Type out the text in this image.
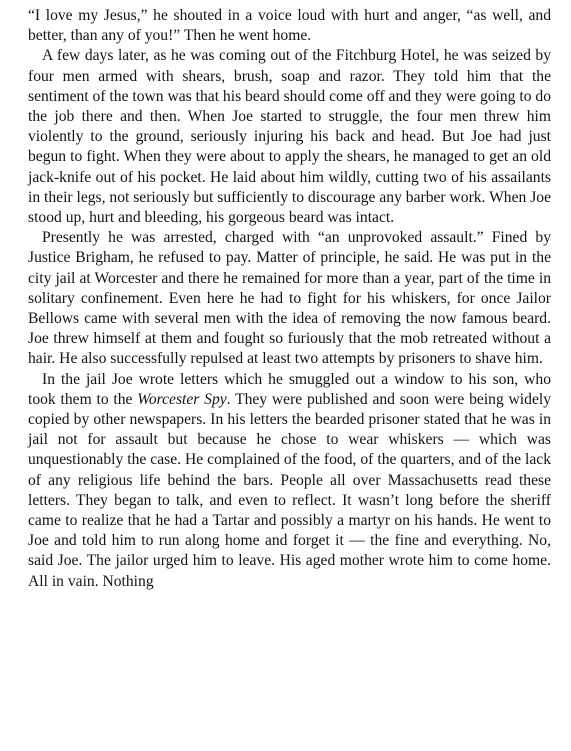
“I love my Jesus,” he shouted in a voice loud with hurt and anger, “as well, and better, than any of you!” Then he went home.

A few days later, as he was coming out of the Fitchburg Hotel, he was seized by four men armed with shears, brush, soap and razor. They told him that the sentiment of the town was that his beard should come off and they were going to do the job there and then. When Joe started to struggle, the four men threw him violently to the ground, seriously injuring his back and head. But Joe had just begun to fight. When they were about to apply the shears, he managed to get an old jack-knife out of his pocket. He laid about him wildly, cutting two of his assailants in their legs, not seriously but sufficiently to discourage any barber work. When Joe stood up, hurt and bleeding, his gorgeous beard was intact.

Presently he was arrested, charged with “an unprovoked assault.” Fined by Justice Brigham, he refused to pay. Matter of principle, he said. He was put in the city jail at Worcester and there he remained for more than a year, part of the time in solitary confinement. Even here he had to fight for his whiskers, for once Jailor Bellows came with several men with the idea of removing the now famous beard. Joe threw himself at them and fought so furiously that the mob retreated without a hair. He also successfully repulsed at least two attempts by prisoners to shave him.

In the jail Joe wrote letters which he smuggled out a window to his son, who took them to the Worcester Spy. They were published and soon were being widely copied by other newspapers. In his letters the bearded prisoner stated that he was in jail not for assault but because he chose to wear whiskers — which was unquestionably the case. He complained of the food, of the quarters, and of the lack of any religious life behind the bars. People all over Massachusetts read these letters. They began to talk, and even to reflect. It wasn’t long before the sheriff came to realize that he had a Tartar and possibly a martyr on his hands. He went to Joe and told him to run along home and forget it — the fine and everything. No, said Joe. The jailor urged him to leave. His aged mother wrote him to come home. All in vain. Nothing
